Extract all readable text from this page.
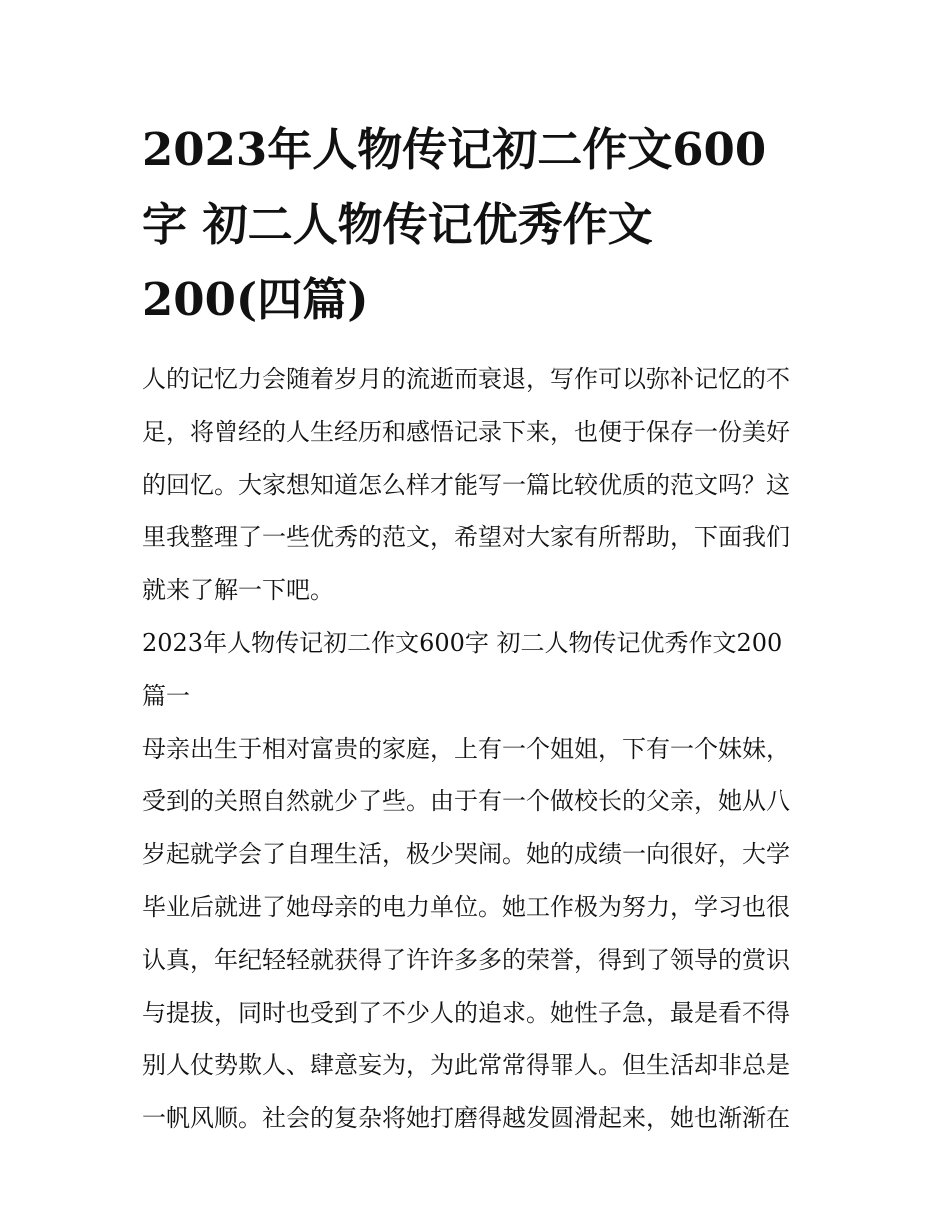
2023年人物传记初二作文600
字 初二人物传记优秀作文
200(四篇)
人的记忆力会随着岁月的流逝而衰退，写作可以弥补记忆的不
足，将曾经的人生经历和感悟记录下来，也便于保存一份美好
的回忆。大家想知道怎么样才能写一篇比较优质的范文吗？这
里我整理了一些优秀的范文，希望对大家有所帮助，下面我们
就来了解一下吧。
2023年人物传记初二作文600字 初二人物传记优秀作文200
篇一
母亲出生于相对富贵的家庭，上有一个姐姐，下有一个妹妹，
受到的关照自然就少了些。由于有一个做校长的父亲，她从八
岁起就学会了自理生活，极少哭闹。她的成绩一向很好，大学
毕业后就进了她母亲的电力单位。她工作极为努力，学习也很
认真，年纪轻轻就获得了许许多多的荣誉，得到了领导的赏识
与提拔，同时也受到了不少人的追求。她性子急，最是看不得
别人仗势欺人、肆意妄为，为此常常得罪人。但生活却非总是
一帆风顺。社会的复杂将她打磨得越发圆滑起来，她也渐渐在
